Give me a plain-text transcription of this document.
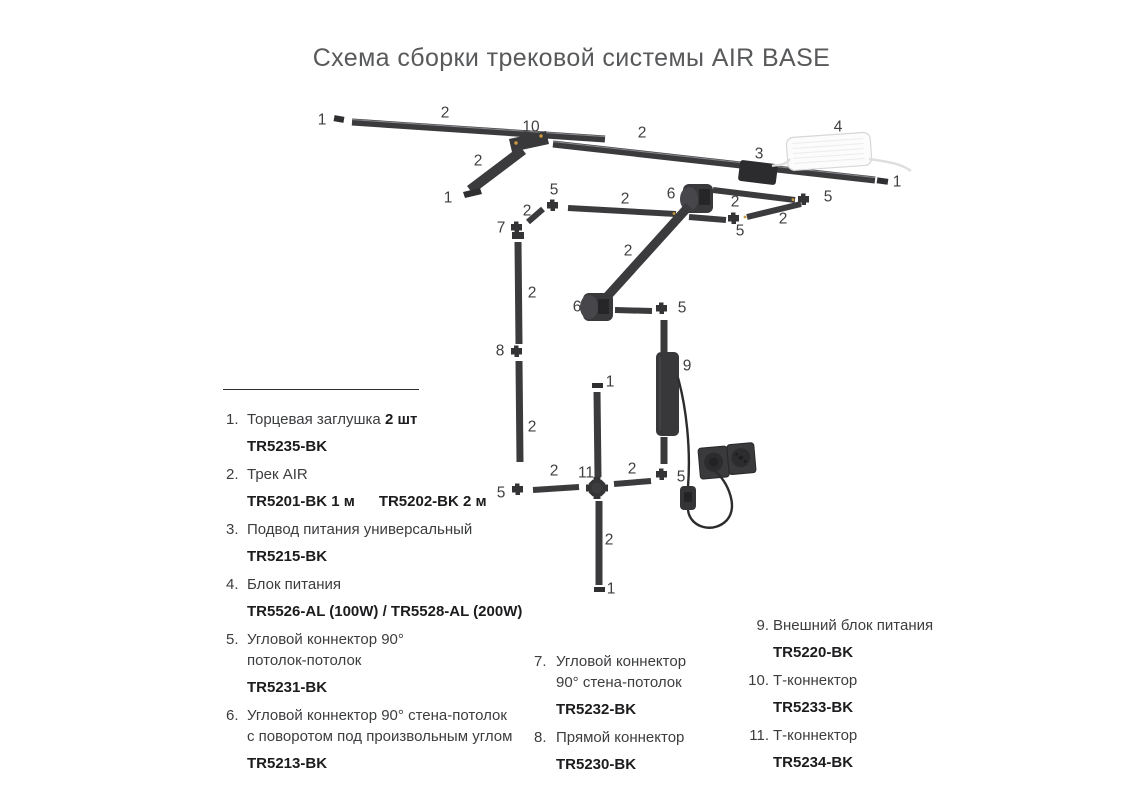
Схема сборки трековой системы AIR BASE
1	2
10
2
1
2
3
4
1
5
2 6	2	5
2
5
2
7
2
8
2
6	5
9
2
5
2 11 2	5
1
2
1
1. Торцевая заглушка 2 шт
TR5235-BK
2. Трек AIR
TR5201-BK 1 м TR5202-BK 2 м
3. Подвод питания универсальный
TR5215-BK
4. Блок питания
TR5526-AL (100W) / TR5528-AL (200W)
5. Угловой коннектор 90°
потолок-потолок
TR5231-BK
6. Угловой коннектор 90° стена-потолок
с поворотом под произвольным углом
TR5213-BK
7. Угловой коннектор
90° стена-потолок
TR5232-BK
8. Прямой коннектор
TR5230-BK
9. Внешний блок питания
TR5220-BK
10. Т-коннектор
TR5233-BK
11. Т-коннектор
TR5234-BK
